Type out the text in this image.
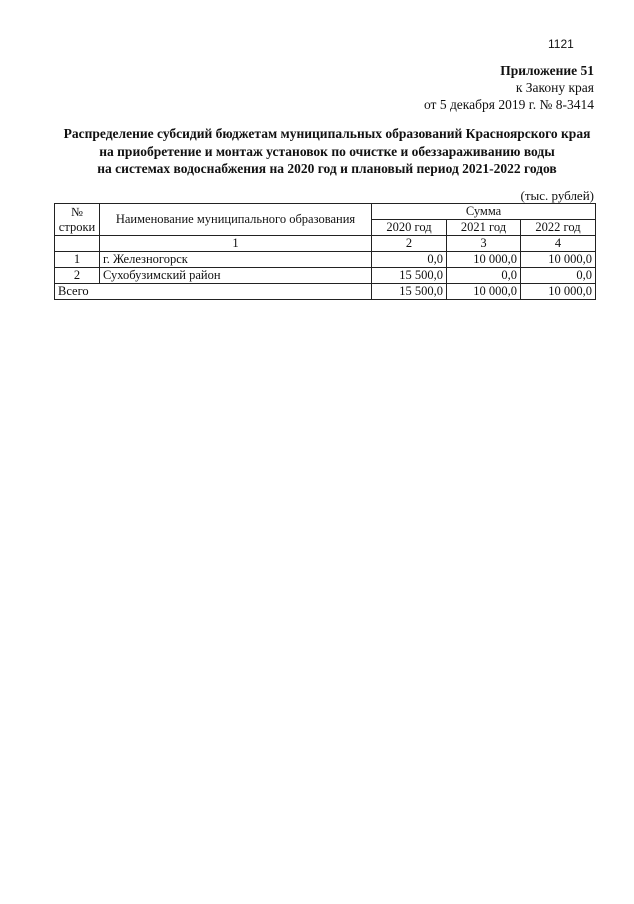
1121
Приложение 51
к Закону края
от 5 декабря 2019 г. № 8-3414
Распределение субсидий бюджетам муниципальных образований Красноярского края
на приобретение и монтаж установок по очистке и обеззараживанию воды
на системах водоснабжения на 2020 год и плановый период 2021-2022 годов
(тыс. рублей)
№
строки	Наименование муниципального образования	Сумма		
		2020 год	2021 год	2022 год
	1	2	3	4
1	г. Железногорск	0,0	10 000,0	10 000,0
2	Сухобузимский район	15 500,0	0,0	0,0
Всего		15 500,0	10 000,0	10 000,0
